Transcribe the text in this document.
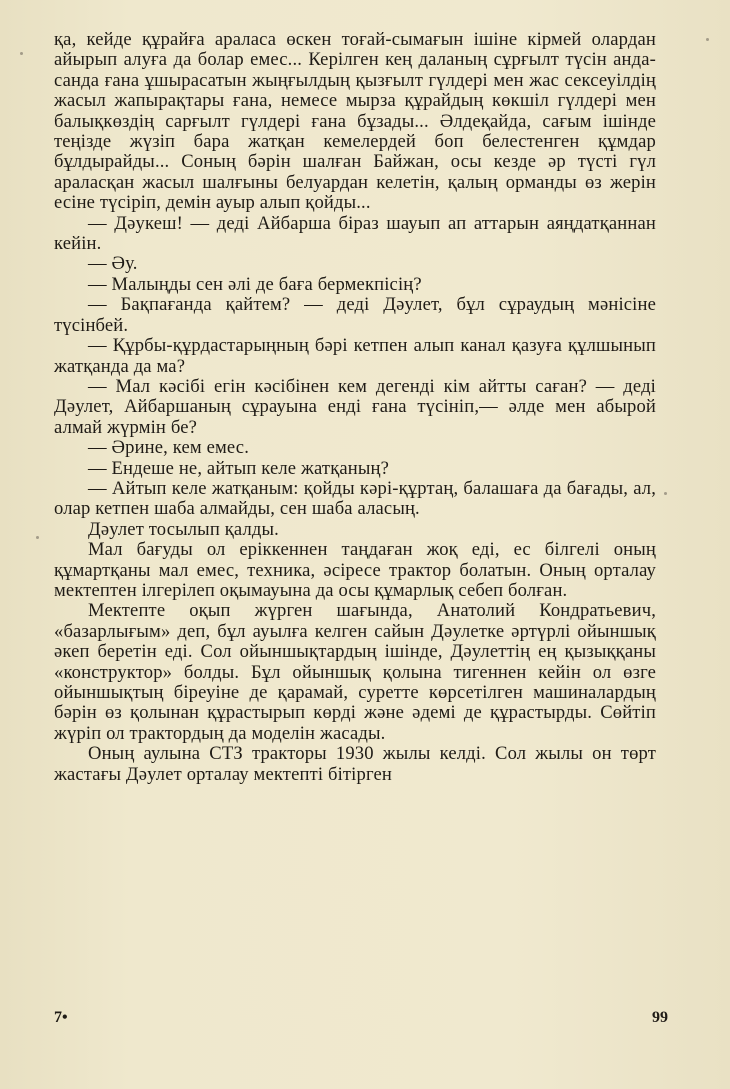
қа, кейде құрайға араласа өскен тоғай-сымағын ішіне кірмей олардан айырып алуға да болар емес... Керілген кең даланың сұрғылт түсін анда-санда ғана ұшырасатын жыңғылдың қызғылт гүлдері мен жас сексеуілдің жасыл жапырақтары ғана, немесе мырза құрайдың көкшіл гүлдері мен балықкөздің сарғылт гүлдері ғана бұзады... Әлдеқайда, сағым ішінде теңізде жүзіп бара жатқан кемелердей боп белестенген құмдар бұлдырайды... Соның бәрін шалған Байжан, осы кезде әр түсті гүл араласқан жасыл шалғыны белуардан келетін, қалың орманды өз жерін есіне түсіріп, демін ауыр алып қойды...

— Дәукеш! — деді Айбарша біраз шауып ап аттарын аяңдатқаннан кейін.

— Әу.

— Малыңды сен әлі де бағa бермекпісің?

— Бақпағанда қайтем? — деді Дәулет, бұл сұраудың мәнісіне түсінбей.

— Құрбы-құрдастарыңның бәрі кетпен алып канал қазуға құлшынып жатқанда да ма?

— Мал кәсібі егін кәсібінен кем дегенді кім айтты саған? — деді Дәулет, Айбаршаның сұрауына енді ғана түсініп,— әлде мен абырой алмай жүрмін бе?

— Әрине, кем емес.

— Ендеше не, айтып келе жатқаның?

— Айтып келе жатқаным: қойды кәрі-құртаң, балашаға да бағады, ал, олар кетпен шаба алмайды, сен шаба аласың.

Дәулет тосылып қалды.

Мал бағуды ол ерiккеннен таңдаған жоқ еді, ес білгелі оның құмартқаны мал емес, техника, әсіресе трактор болатын. Оның орталау мектептен ілгерілеп оқымауына да осы құмарлық себеп болған.

Мектепте оқып жүрген шағында, Анатолий Кондратьевич, «базарлығым» деп, бұл ауылға келген сайын Дәулетке әртүрлі ойыншық әкеп беретін еді. Сол ойыншықтардың ішінде, Дәулеттің ең қызыққаны «конструктор» болды. Бұл ойыншық қолына тигеннен кейін ол өзге ойыншықтың біреуіне де қарамай, суретте көрсетілген машиналардың бәрін өз қолынан құрастырып көрді және әдемі де құрастырды. Сөйтіп жүріп ол трактордың да моделін жасады.

Оның аулына СТЗ тракторы 1930 жылы келді. Сол жылы он төрт жастағы Дәулет орталау мектепті бітірген

7•	99
